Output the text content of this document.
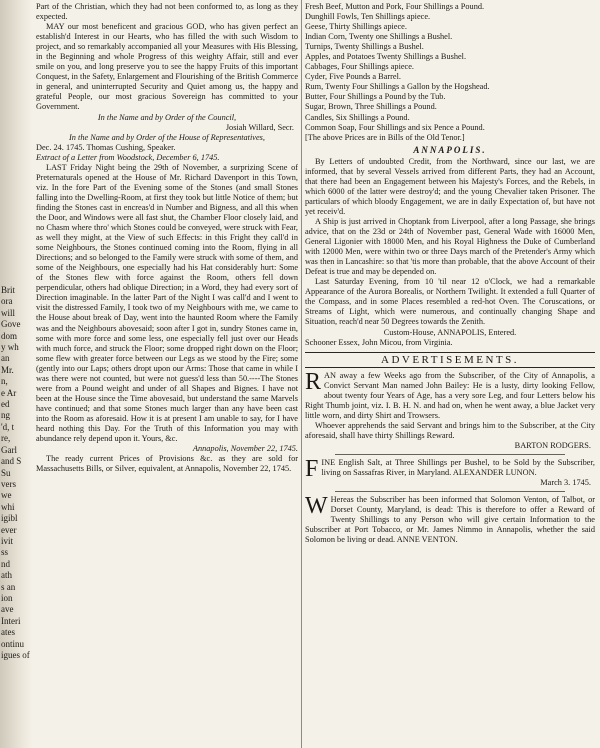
Brit
ora
will
Gove
dom
y wh
an
Mr.
n,
e Ar
ed
ng
'd, t
re,
Garl
and S
Su
vers
we
whi
igibl
ever
ivit
ss
nd
ath
s an
ion
ave
Interi
ates
ontinu
igues of

Part of the Christian, which they had not been conformed to, as long as they expected.

MAY our most beneficent and gracious GOD, who has given perfect an establish'd Interest in our Hearts, who has filled the with such Wisdom to project, and so remarkably accompanied all your Measures with His Blessing, in the Beginning and whole Progress of this weighty Affair, still and ever smile on you, and long preserve you to see the happy Fruits of this important Conquest, in the Safety, Enlargement and Flourishing of the British Commerce in general, and uninterrupted Security and Quiet among us, the happy and grateful People, our most gracious Sovereign has committed to your Government.

In the Name and by Order of the Council,

Josiah Willard, Secr.

In the Name and by Order of the House of Representatives,

Dec. 24. 1745. Thomas Cushing, Speaker.

Extract of a Letter from Woodstock, December 6, 1745.

LAST Friday Night being the 29th of November, a surprizing Scene of Preternaturals opened at the House of Mr. Richard Davenport in this Town, viz. In the fore Part of the Evening some of the Stones (and small Stones falling into the Dwelling-Room, at first they took but little Notice of them; but finding the Stones cast in encreas'd in Number and Bigness, and all this when the Door, and Windows were all fast shut, the Chamber Floor closely laid, and no Chasm where thro' which Stones could be conveyed, were struck with Fear, as well they might, at the View of such Effects: in this Fright they call'd in some Neighbours, the Stones continued coming into the Room, flying in all Directions; and so belonged to the Family were struck with some of them, and some of the Neighbours, one especially had his Hat considerably hurt: Some of the Stones flew with force against the Room, others fell down perpendicular, others had oblique Direction; in a Word, they had every sort of Direction imaginable. In the latter Part of the Night I was call'd and I went to visit the distressed Family, I took two of my Neighbours with me, we came to the House about break of Day, went into the haunted Room where the Family was and the Neighbours abovesaid; soon after I got in, sundry Stones came in, some with more force and some less, one especially fell just over our Heads with much force, and struck the Floor; some dropped right down on the Floor; some flew with greater force between our Legs as we stood by the Fire; some (gently into our Laps; others dropt upon our Arms: Those that came in while I was there were not counted, but were not guess'd less than 50.----The Stones were from a Pound weight and under of all Shapes and Bignes. I have not been at the House since the Time abovesaid, but understand the same Marvels have continued; and that some Stones much larger than any have been cast into the Room as aforesaid. How it is at present I am unable to say, for I have heard nothing this Day. For the Truth of this Information you may with abundance rely depend upon it. Yours, &c.

Annapolis, November 22, 1745.

The ready current Prices of Provisions &c. as they are sold for Massachusetts Bills, or Silver, equivalent, at Annapolis, November 22, 1745.

Fresh Beef, Mutton and Pork, Four Shillings a Pound.

Dunghill Fowls, Ten Shillings apiece.

Geese, Thirty Shillings apiece.

Indian Corn, Twenty one Shillings a Bushel.

Turnips, Twenty Shillings a Bushel.

Apples, and Potatoes Twenty Shillings a Bushel.

Cabbages, Four Shillings apiece.

Cyder, Five Pounds a Barrel.

Rum, Twenty Four Shillings a Gallon by the Hogshead.

Butter, Four Shillings a Pound by the Tub.

Sugar, Brown, Three Shillings a Pound.

Candles, Six Shillings a Pound.

Common Soap, Four Shillings and six Pence a Pound.

[The above Prices are in Bills of the Old Tenor.]

ANNAPOLIS.

By Letters of undoubted Credit, from the Northward, since our last, we are informed, that by several Vessels arrived from different Parts, they had an Account, that there had been an Engagement between his Majesty's Forces, and the Rebels, in which 6000 of the latter were destroy'd; and the young Chevalier taken Prisoner. The particulars of which bloody Engagement, we are in daily Expectation of, but have not yet receiv'd.

A Ship is just arrived in Choptank from Liverpool, after a long Passage, she brings advice, that on the 23d or 24th of November past, General Wade with 16000 Men, General Ligonier with 18000 Men, and his Royal Highness the Duke of Cumberland with 12000 Men, were within two or three Days march of the Pretender's Army which was then in Lancashire: so that 'tis more than probable, that the above Account of their Defeat is true and may be depended on.

Last Saturday Evening, from 10 'til near 12 o'Clock, we had a remarkable Appearance of the Aurora Borealis, or Northern Twilight. It extended a full Quarter of the Compass, and in some Places resembled a red-hot Oven. The Coruscations, or Streams of Light, which were numerous, and continually changing Shape and Situation, reach'd near 50 Degrees towards the Zenith.

Custom-House, ANNAPOLIS, Entered.

Schooner Essex, John Micou, from Virginia.

ADVERTISEMENTS.

RAN away a few Weeks ago from the Subscriber, of the City of Annapolis, a Convict Servant Man named John Bailey: He is a lusty, dirty looking Fellow, about twenty four Years of Age, has a very sore Leg, and four Letters below his Right Thumb joint, viz. I. B. H. N. and had on, when he went away, a blue Jacket very little worn, and dirty Shirt and Trowsers.

Whoever apprehends the said Servant and brings him to the Subscriber, at the City aforesaid, shall have thirty Shillings Reward.

BARTON RODGERS.

FINE English Salt, at Three Shillings per Bushel, to be Sold by the Subscriber, living on Sassafras River, in Maryland. ALEXANDER LUNON.

March 3. 1745.

W Hereas the Subscriber has been informed that Solomon Venton, of Talbot, or Dorset County, Maryland, is dead: This is therefore to offer a Reward of Twenty Shillings to any Person who will give certain Information to the Subscriber at Port Tobacco, or Mr. James Nimmo in Annapolis, whether the said Solomon be living or dead. ANNE VENTON.
